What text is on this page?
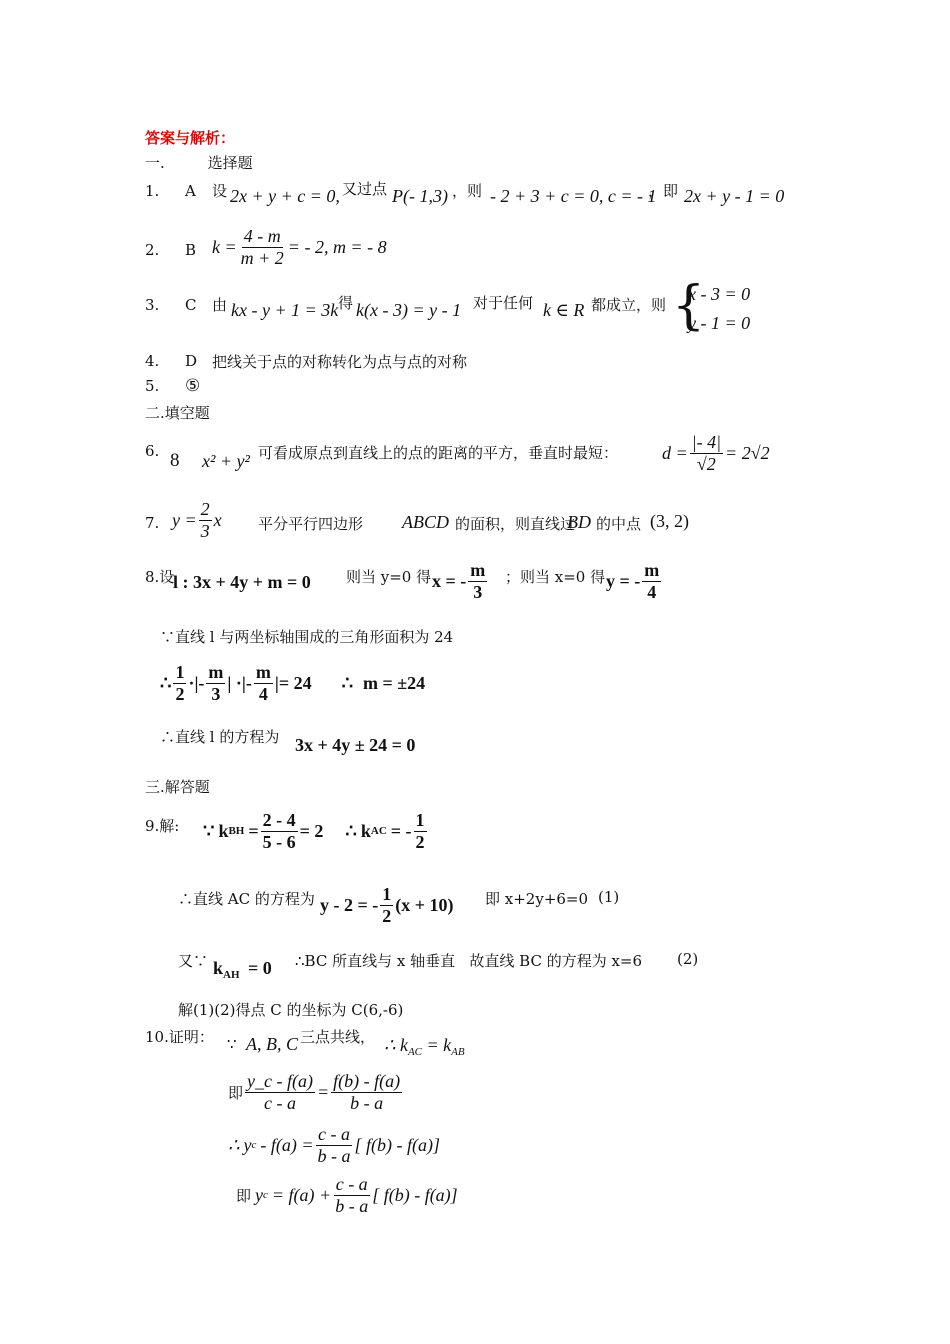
答案与解析：
一.         选择题
1. A 设 2x + y + c = 0, 又过点 P(- 1,3) ，则 - 2 + 3 + c = 0, c = - 1
，即 2x + y - 1 = 0
2. B $k = \frac{4 - m}{m + 2}$ = - 2, m = - 8
3. C 由 kx - y + 1 = 3k 得 k(x - 3) = y - 1 对于任何 k ∈ R 都成立，则 {
x - 3 = 0
y - 1 = 0
4. D 把线关于点的对称转化为点与点的对称
5. ⑤
二.填空题
6. 8 x² + y² 可看成原点到直线上的点的距离的平方，垂直时最短： $d = \frac{|- 4|}{√2} = 2√2$
7. $y = \frac{2}{3}$ x 平分平行四边形 ABCD 的面积，则直线过
BD 的中点 (3, 2)
8.设
l : 3x + 4y + m = 0 则当 y=0 得 x = - $\frac{m}{3}$ ；则当 x=0 得 y = - $\frac{m}{4}$
∵直线 l 与两坐标轴围成的三角形面积为 24
∴ $\frac{1}{2}$ ·|- $\frac{m}{3}$ | ·|- $\frac{m}{4}$ |= 24 ∴ m = ±24
∴直线 l 的方程为 3x + 4y ± 24 = 0
三.解答题
9.解: ∵ k BH = $\frac{2 - 4}{5 - 6} = 2$ ∴ k AC = - $\frac{1}{2}$
∴直线 AC 的方程为 y - 2 = - $\frac{1}{2} (x + 10)$ 即 x+2y+6=0 (1)
又∵ $k_{AH} = 0$ ∴BC 所直线与 x 轴垂直   故直线 BC 的方程为 x=6 (2)
解(1)(2)得点 C 的坐标为 C(6,-6)
10.证明： ∵ A, B, C 三点共线， ∴ $k_{AC} = k_{AB}$
即 $\frac{y\_c - f(a)}{c - a} = \frac{f(b) - f(a)}{b - a}$
∴ y $c - f(a) = \frac{c - a}{b - a}$ [ f(b) - f(a)]
即 y $c = f(a) + \frac{c - a}{b - a}$ [ f(b) - f(a)]
